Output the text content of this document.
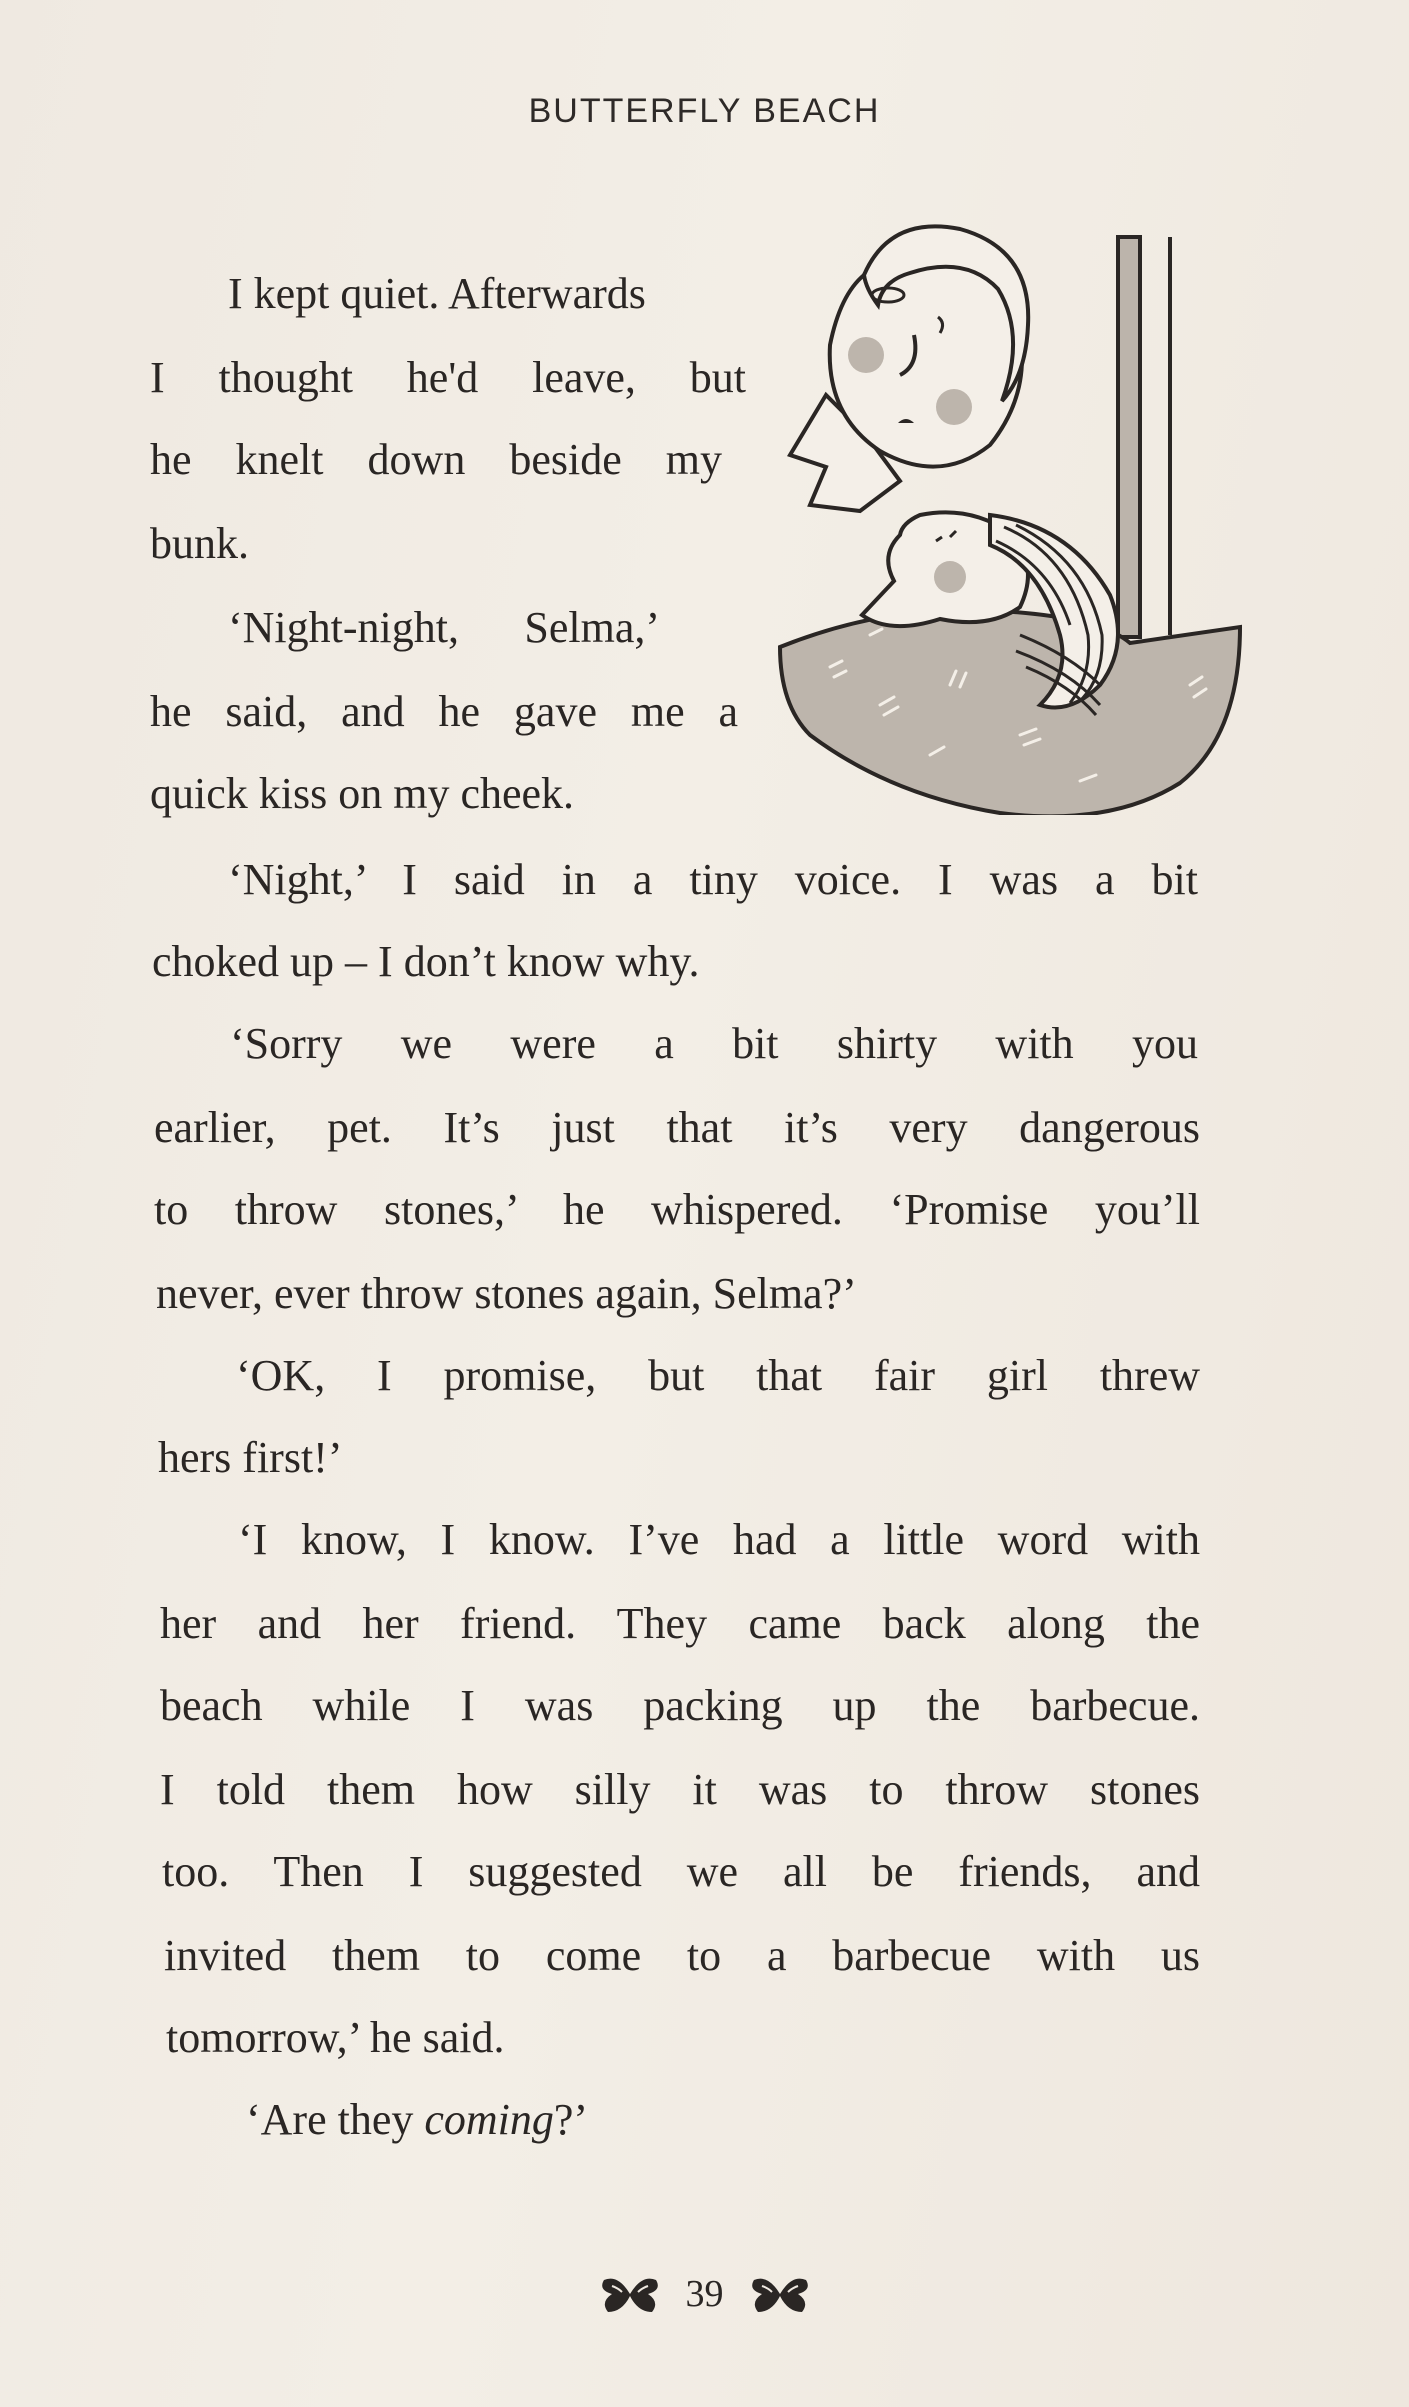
BUTTERFLY BEACH
I kept quiet. Afterwards
I thought he'd leave, but
he knelt down beside my
bunk.
‘Night-night, Selma,’
he said, and he gave me a
quick kiss on my cheek.
‘Night,’ I said in a tiny voice. I was a bit
choked up – I don’t know why.
‘Sorry we were a bit shirty with you
earlier, pet. It’s just that it’s very dangerous
to throw stones,’ he whispered. ‘Promise you’ll
never, ever throw stones again, Selma?’
‘OK, I promise, but that fair girl threw
hers first!’
‘I know, I know. I’ve had a little word with
her and her friend. They came back along the
beach while I was packing up the barbecue.
I told them how silly it was to throw stones
too. Then I suggested we all be friends, and
invited them to come to a barbecue with us
tomorrow,’ he said.
‘Are they coming?’
39
